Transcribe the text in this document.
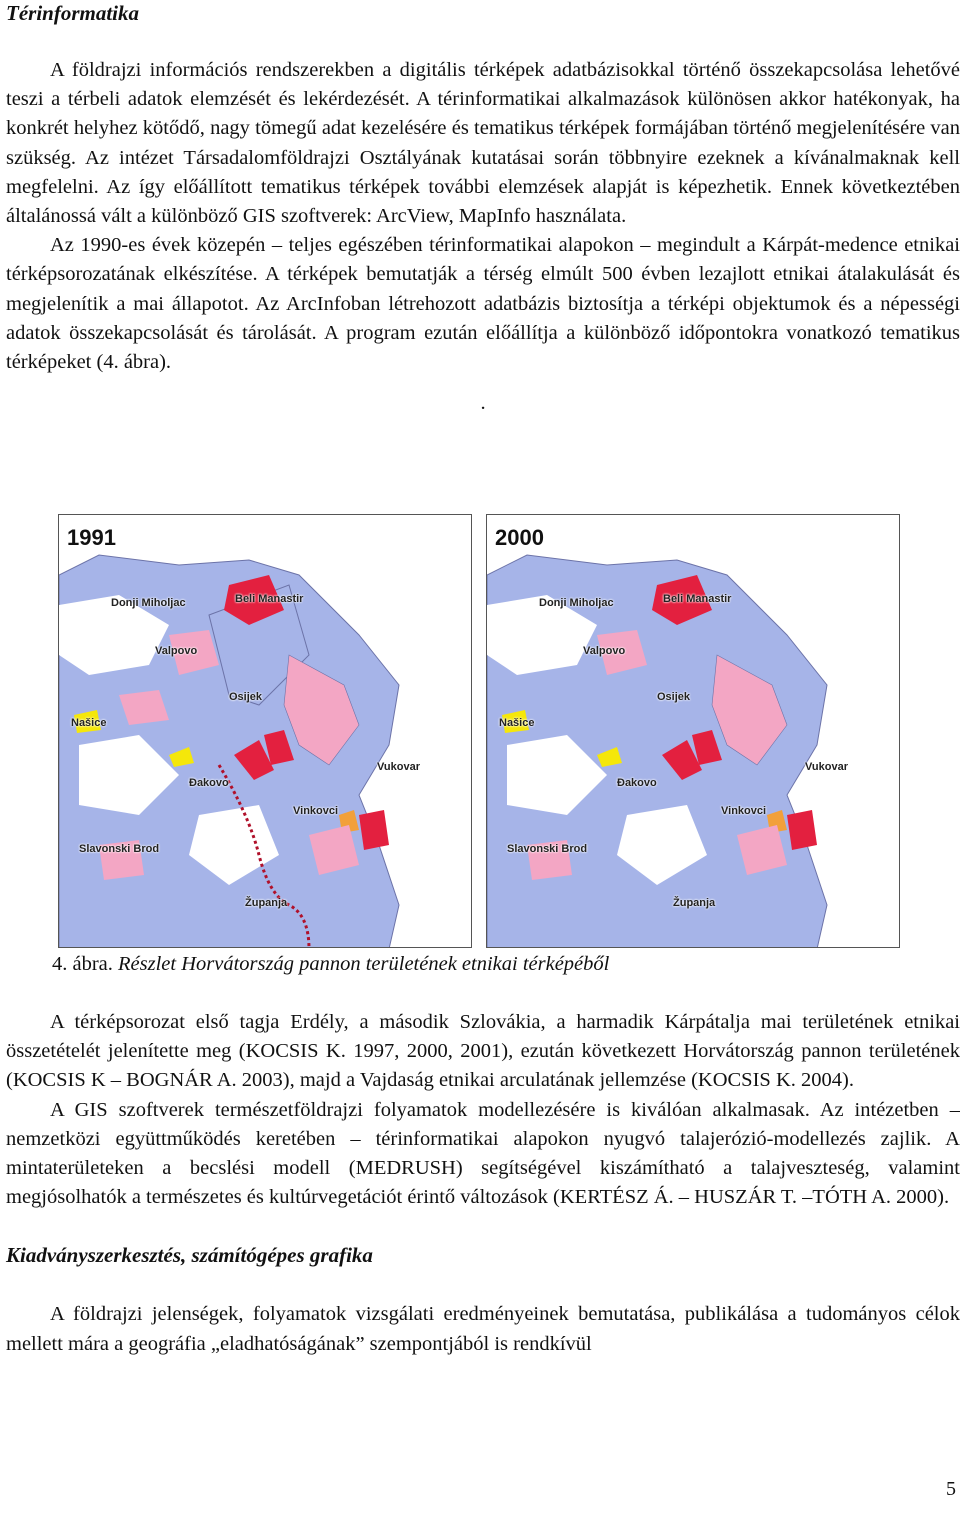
Térinformatika

A földrajzi információs rendszerekben a digitális térképek adatbázisokkal történő összekapcsolása lehetővé teszi a térbeli adatok elemzését és lekérdezését. A térinformatikai alkalmazások különösen akkor hatékonyak, ha konkrét helyhez kötődő, nagy tömegű adat kezelésére és tematikus térképek formájában történő megjelenítésére van szükség. Az intézet Társadalomföldrajzi Osztályának kutatásai során többnyire ezeknek a kívánalmaknak kell megfelelni. Az így előállított tematikus térképek további elemzések alapját is képezhetik. Ennek következtében általánossá vált a különböző GIS szoftverek: ArcView, MapInfo használata.

Az 1990-es évek közepén – teljes egészében térinformatikai alapokon – megindult a Kárpát-medence etnikai térképsorozatának elkészítése. A térképek bemutatják a térség elmúlt 500 évben lezajlott etnikai átalakulását és megjelenítik a mai állapotot. Az ArcInfoban létrehozott adatbázis biztosítja a térképi objektumok és a népességi adatok összekapcsolását és tárolását. A program ezután előállítja a különböző időpontokra vonatkozó tematikus térképeket (4. ábra).

.

1991
Donji Miholjac	Beli Manastir
Valpovo
Osijek
Našice
Vukovar
Đakovo
Vinkovci
Slavonski Brod
Županja
2000
Donji Miholjac	Beli Manastir
Valpovo
Osijek
Našice
Vukovar
Đakovo
Vinkovci
Slavonski Brod
Županja
4. ábra. Részlet Horvátország pannon területének etnikai térképéből

A térképsorozat első tagja Erdély, a második Szlovákia, a harmadik Kárpátalja mai területének etnikai összetételét jelenítette meg (KOCSIS K. 1997, 2000, 2001), ezután következett Horvátország pannon területének (KOCSIS K – BOGNÁR A. 2003), majd a Vajdaság etnikai arculatának jellemzése (KOCSIS K. 2004).

A GIS szoftverek természetföldrajzi folyamatok modellezésére is kiválóan alkalmasak. Az intézetben – nemzetközi együttműködés keretében – térinformatikai alapokon nyugvó talajerózió-modellezés zajlik. A mintaterületeken a becslési modell (MEDRUSH) segítségével kiszámítható a talajveszteség, valamint megjósolhatók a természetes és kultúrvegetációt érintő változások (KERTÉSZ Á. – HUSZÁR T. –TÓTH A. 2000).

Kiadványszerkesztés, számítógépes grafika

A földrajzi jelenségek, folyamatok vizsgálati eredményeinek bemutatása, publikálása a tudományos célok mellett mára a geográfia „eladhatóságának” szempontjából is rendkívül

5
